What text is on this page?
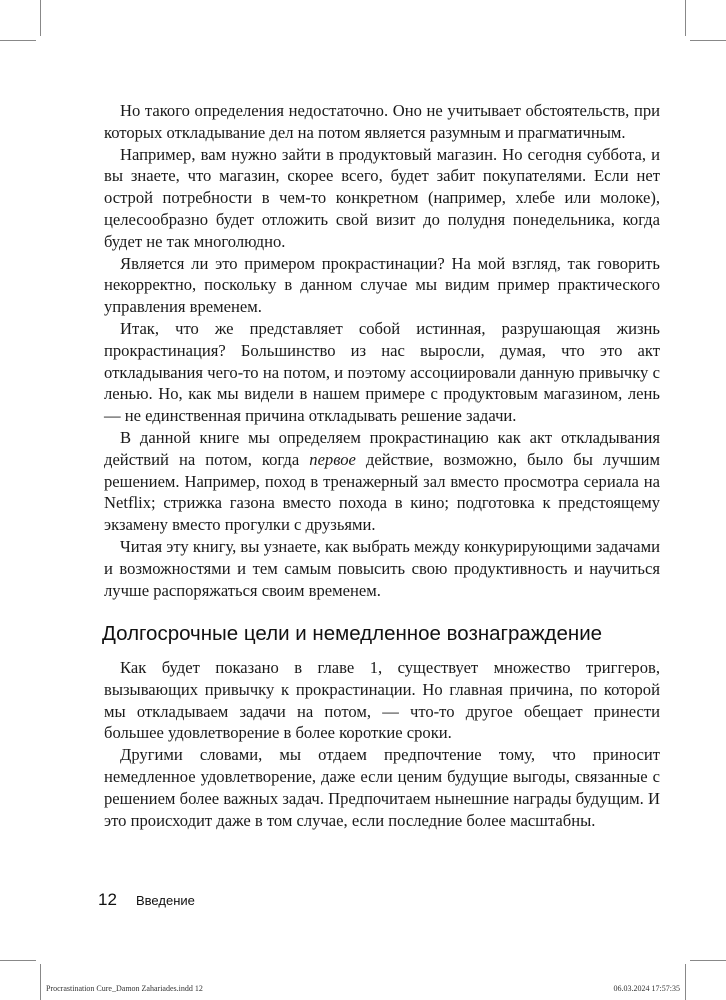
Но такого определения недостаточно. Оно не учитывает обстоятельств, при которых откладывание дел на потом является разумным и прагматичным.

Например, вам нужно зайти в продуктовый магазин. Но сегодня суббота, и вы знаете, что магазин, скорее всего, будет забит покупателями. Если нет острой потребности в чем-то конкретном (например, хлебе или молоке), целесообразно будет отложить свой визит до полудня понедельника, когда будет не так многолюдно.

Является ли это примером прокрастинации? На мой взгляд, так говорить некорректно, поскольку в данном случае мы видим пример практического управления временем.

Итак, что же представляет собой истинная, разрушающая жизнь прокрастинация? Большинство из нас выросли, думая, что это акт откладывания чего-то на потом, и поэтому ассоциировали данную привычку с ленью. Но, как мы видели в нашем примере с продуктовым магазином, лень — не единственная причина откладывать решение задачи.

В данной книге мы определяем прокрастинацию как акт откладывания действий на потом, когда первое действие, возможно, было бы лучшим решением. Например, поход в тренажерный зал вместо просмотра сериала на Netflix; стрижка газона вместо похода в кино; подготовка к предстоящему экзамену вместо прогулки с друзьями.

Читая эту книгу, вы узнаете, как выбрать между конкурирующими задачами и возможностями и тем самым повысить свою продуктивность и научиться лучше распоряжаться своим временем.

Долгосрочные цели и немедленное вознаграждение

Как будет показано в главе 1, существует множество триггеров, вызывающих привычку к прокрастинации. Но главная причина, по которой мы откладываем задачи на потом, — что-то другое обещает принести большее удовлетворение в более короткие сроки.

Другими словами, мы отдаем предпочтение тому, что приносит немедленное удовлетворение, даже если ценим будущие выгоды, связанные с решением более важных задач. Предпочитаем нынешние награды будущим. И это происходит даже в том случае, если последние более масштабны.

12 Введение
Procrastination Cure_Damon Zahariades.indd 12	06.03.2024 17:57:35
